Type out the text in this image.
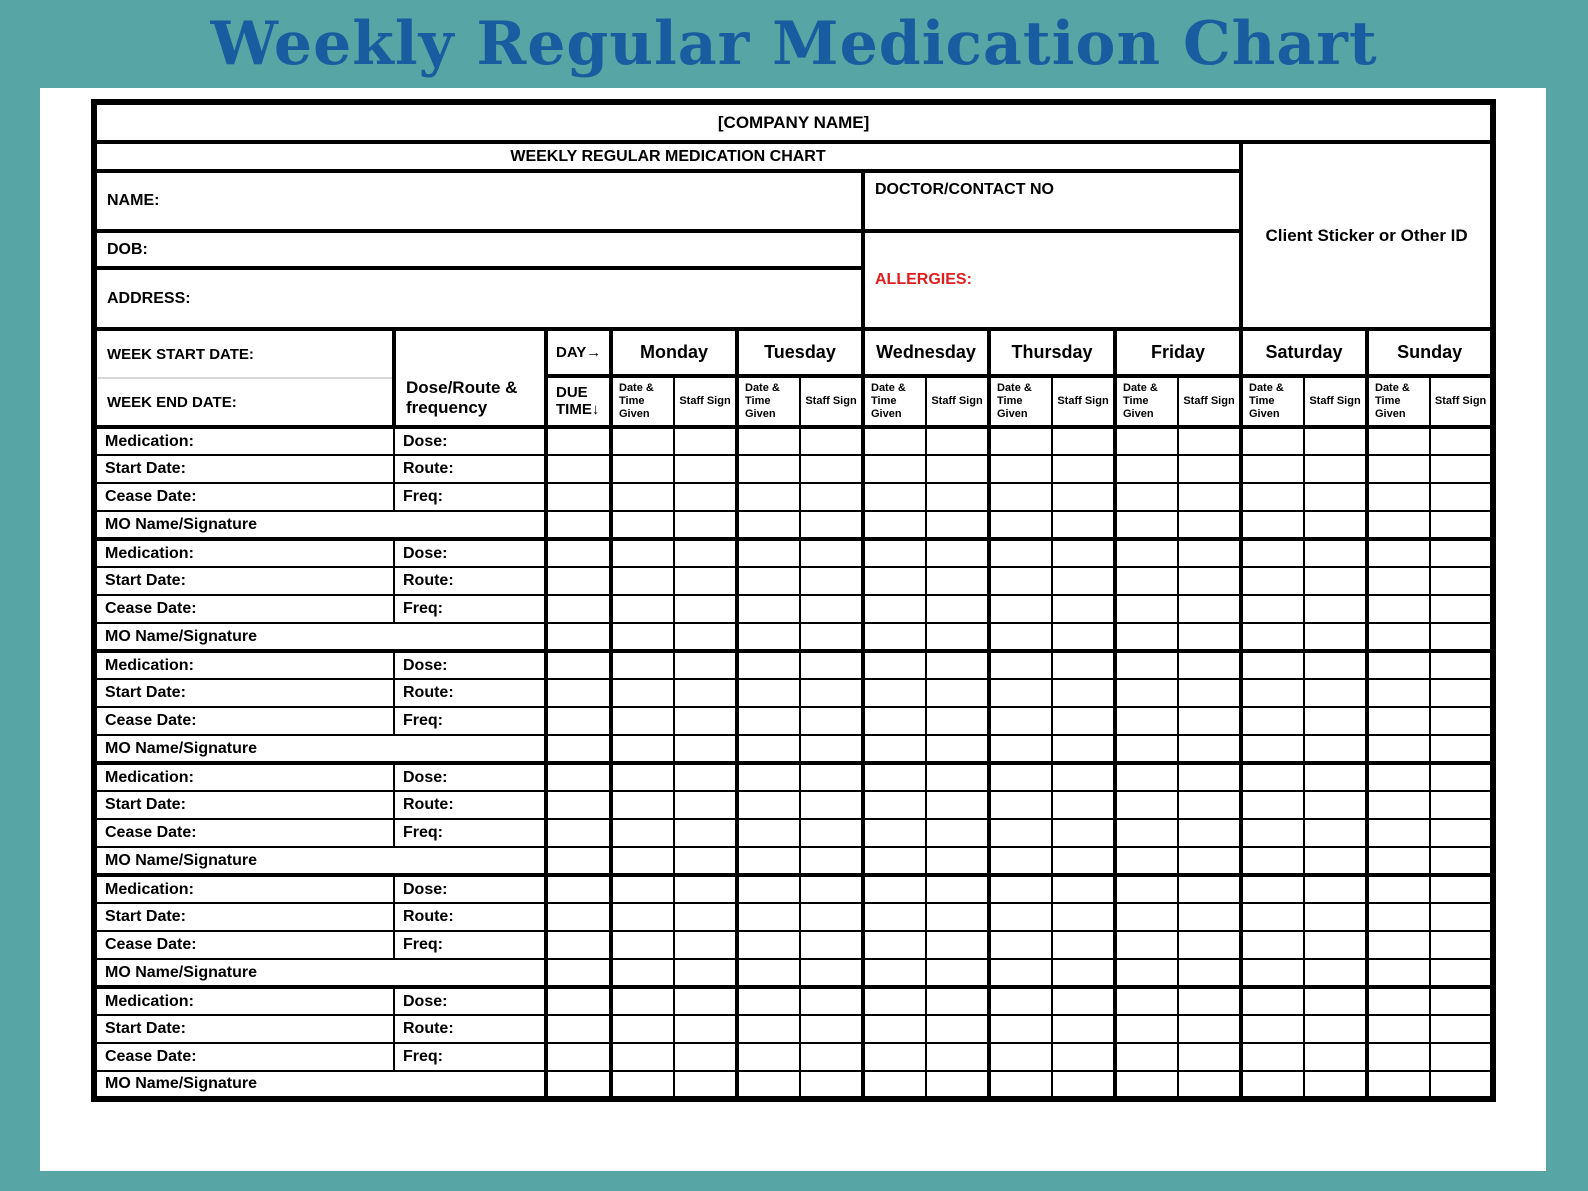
Weekly Regular Medication Chart
[COMPANY NAME]																
WEEKLY REGULAR MEDICATION CHART													Client Sticker or Other ID			
NAME:							DOCTOR/CONTACT NO									
DOB:							ALLERGIES:									
ADDRESS:																

WEEK START DATE:
WEEK END DATE:	Dose/Route & frequency	DAY→	Monday		Tuesday		Wednesday		Thursday		Friday		Saturday		Sunday	
		DUE TIME↓	Date & Time Given	Staff Sign	Date & Time Given	Staff Sign	Date & Time Given	Staff Sign	Date & Time Given	Staff Sign	Date & Time Given	Staff Sign	Date & Time Given	Staff Sign	Date & Time Given	Staff Sign
Medication:	Dose:															
Start Date:	Route:															
Cease Date:	Freq:															
MO Name/Signature																
Medication:	Dose:															
Start Date:	Route:															
Cease Date:	Freq:															
MO Name/Signature																
Medication:	Dose:															
Start Date:	Route:															
Cease Date:	Freq:															
MO Name/Signature																
Medication:	Dose:															
Start Date:	Route:															
Cease Date:	Freq:															
MO Name/Signature																
Medication:	Dose:															
Start Date:	Route:															
Cease Date:	Freq:															
MO Name/Signature																
Medication:	Dose:															
Start Date:	Route:															
Cease Date:	Freq:															
MO Name/Signature																
